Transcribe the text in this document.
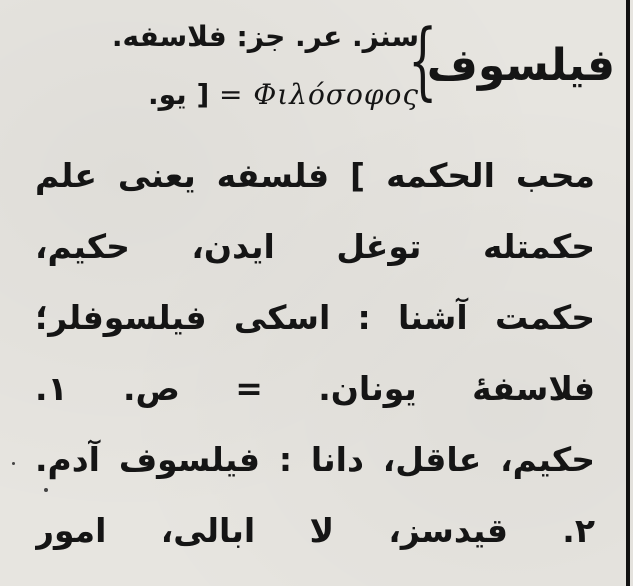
فیلسوف
{
سنز. عر. جز: فلاسفه.
= Φιλόσοφος [ یو.
محب الحکمه ] فلسفه یعنی علم
حکمتله توغل ایدن، حکیم،
حکمت آشنا : اسکی فیلسوفلر؛
فلاسفهٔ یونان. = ص. ۱.
حکیم، عاقل، دانا : فیلسوف آدم.
۲. قیدسز، لا ابالی، امور
